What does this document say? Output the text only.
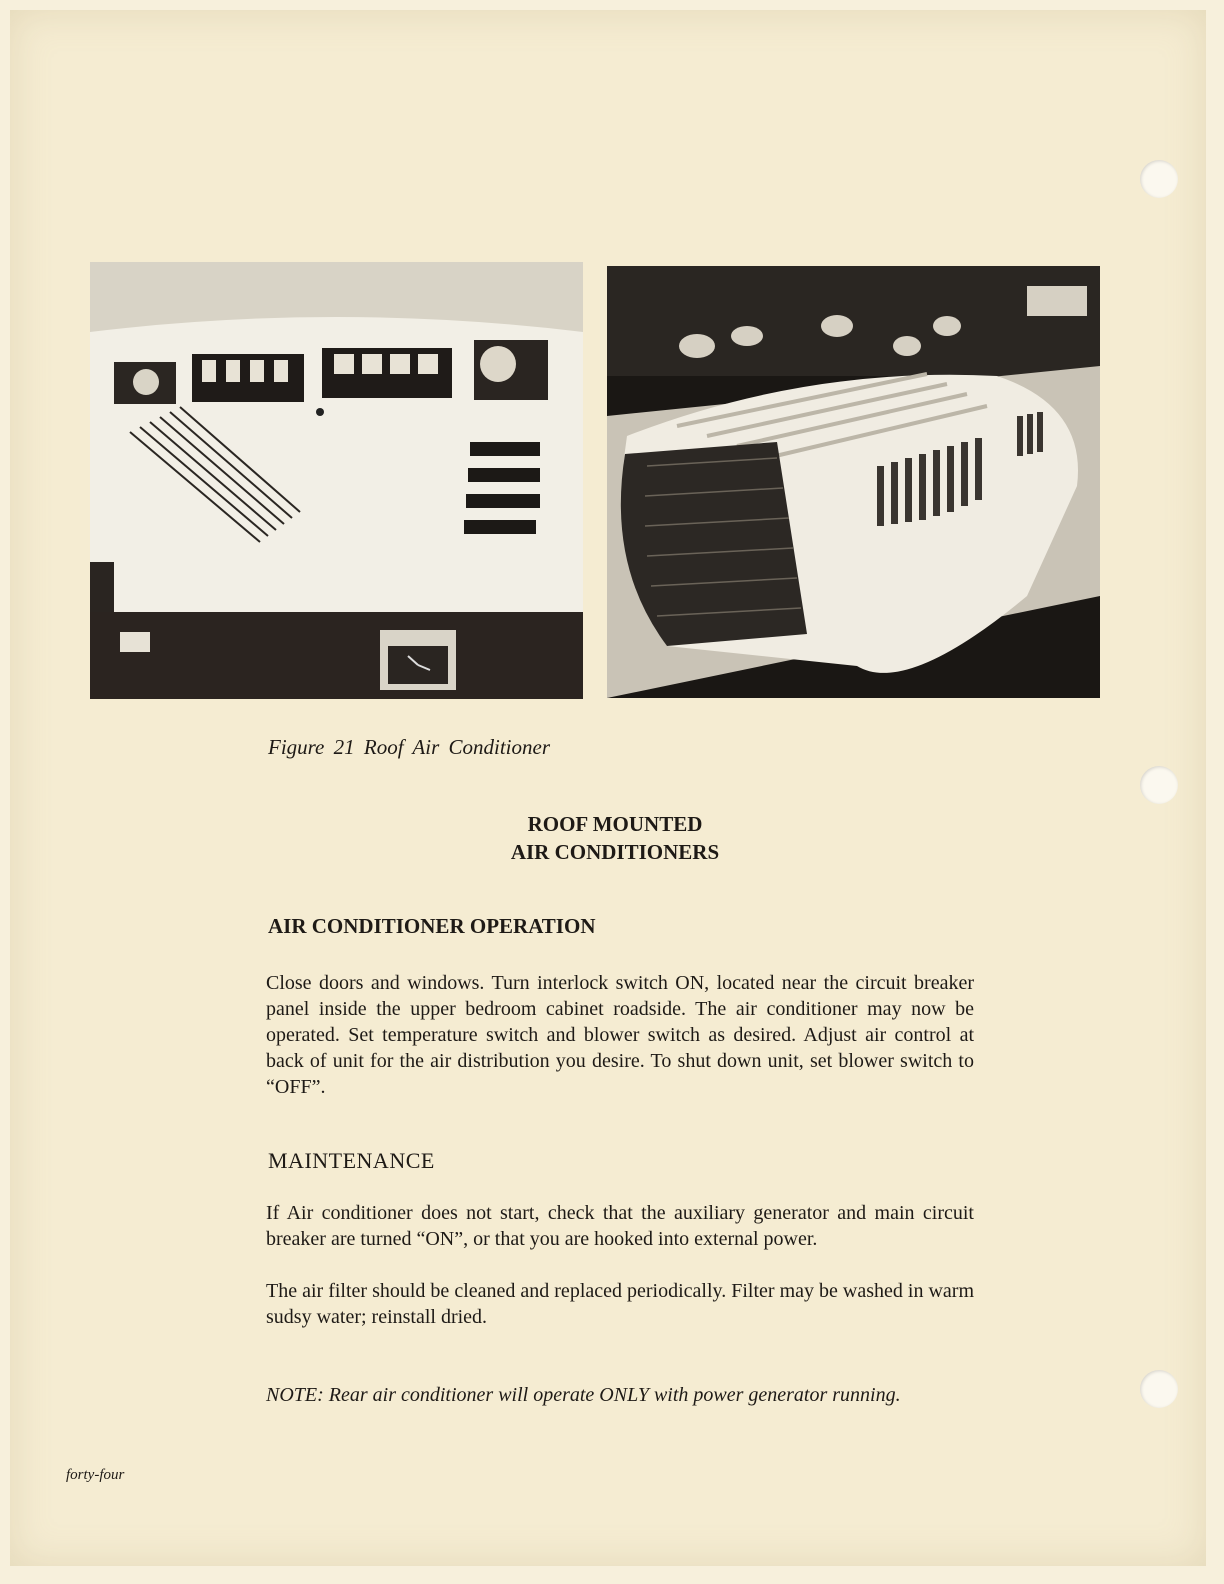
Figure 21 Roof Air Conditioner
ROOF MOUNTED
AIR CONDITIONERS
AIR CONDITIONER OPERATION
Close doors and windows. Turn interlock switch ON, located near the circuit breaker panel inside the upper bedroom cabinet roadside. The air conditioner may now be operated. Set temperature switch and blower switch as desired. Adjust air control at back of unit for the air distribution you desire. To shut down unit, set blower switch to “OFF”.
MAINTENANCE
If Air conditioner does not start, check that the auxiliary generator and main circuit breaker are turned “ON”, or that you are hooked into external power.
The air filter should be cleaned and replaced periodically. Filter may be washed in warm sudsy water; reinstall dried.
NOTE: Rear air conditioner will operate ONLY with power generator running.
forty-four
